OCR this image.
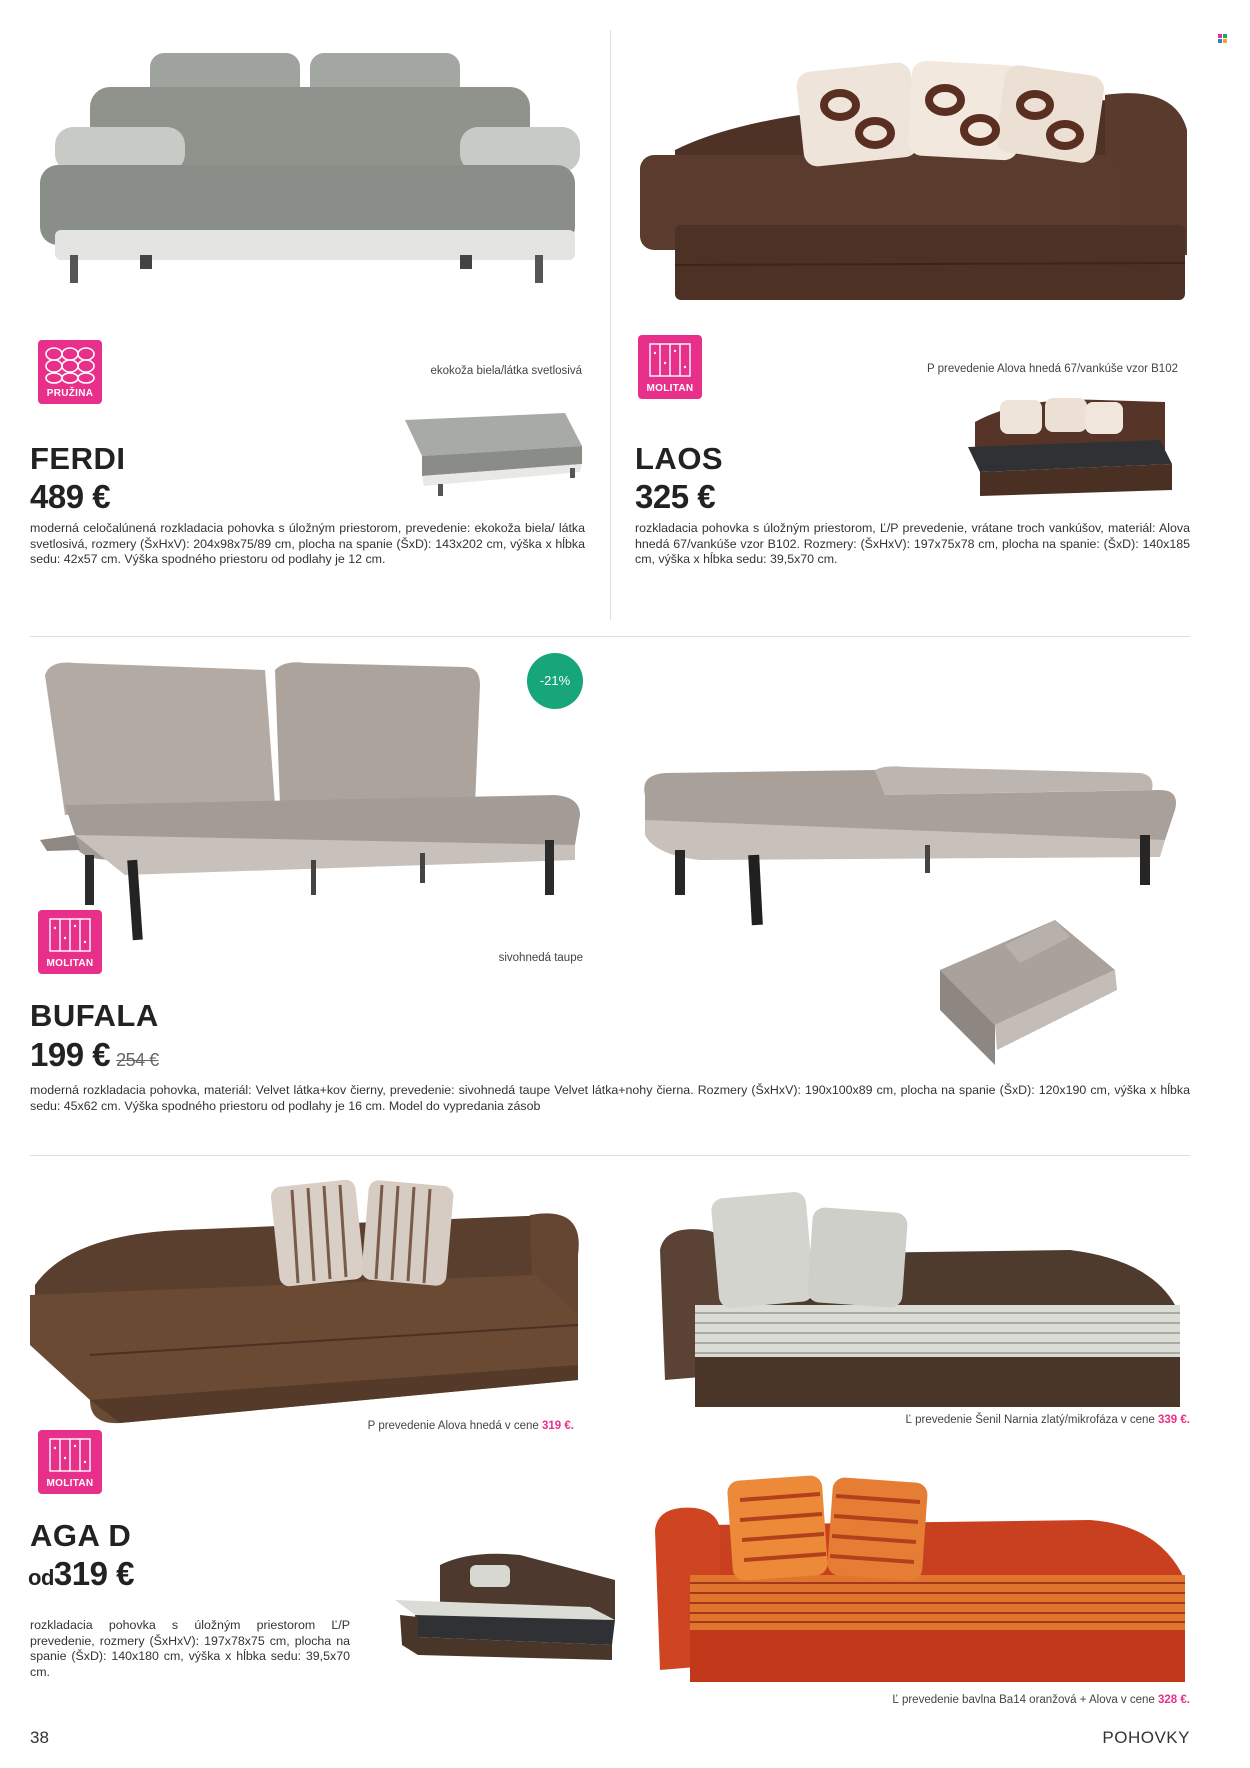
PRUŽINA
ekokoža biela/látka svetlosivá
FERDI
489 €
moderná celočalúnená rozkladacia pohovka s úložným priestorom, prevedenie: ekokoža biela/ látka svetlosivá, rozmery (ŠxHxV): 204x98x75/89 cm, plocha na spanie (ŠxD): 143x202 cm, výška x hĺbka sedu: 42x57 cm. Výška spodného priestoru od podlahy je 12 cm.
MOLITAN
P prevedenie Alova hnedá 67/vankúše vzor B102
LAOS
325 €
rozkladacia pohovka s úložným priestorom, Ľ/P prevedenie, vrátane troch vankúšov, materiál: Alova hnedá 67/vankúše vzor B102. Rozmery: (ŠxHxV): 197x75x78 cm, plocha na spanie: (ŠxD): 140x185 cm, výška x hĺbka sedu: 39,5x70 cm.
-21%
MOLITAN	sivohnedá taupe
BUFALA
199 € 254 €
moderná rozkladacia pohovka, materiál: Velvet látka+kov čierny, prevedenie: sivohnedá taupe Velvet látka+nohy čierna. Rozmery (ŠxHxV): 190x100x89 cm, plocha na spanie (ŠxD): 120x190 cm, výška x hĺbka sedu: 45x62 cm. Výška spodného priestoru od podlahy je 16 cm. Model do vypredania zásob
P prevedenie Alova hnedá v cene 319 €.	Ľ prevedenie Šenil Narnia zlatý/mikrofáza v cene 339 €.
MOLITAN
AGA D
od319 €
rozkladacia pohovka s úložným priestorom Ľ/P prevedenie, rozmery (ŠxHxV): 197x78x75 cm, plocha na spanie (ŠxD): 140x180 cm, výška x hĺbka sedu: 39,5x70 cm.
Ľ prevedenie bavlna Ba14 oranžová + Alova v cene 328 €.
38	POHOVKY
